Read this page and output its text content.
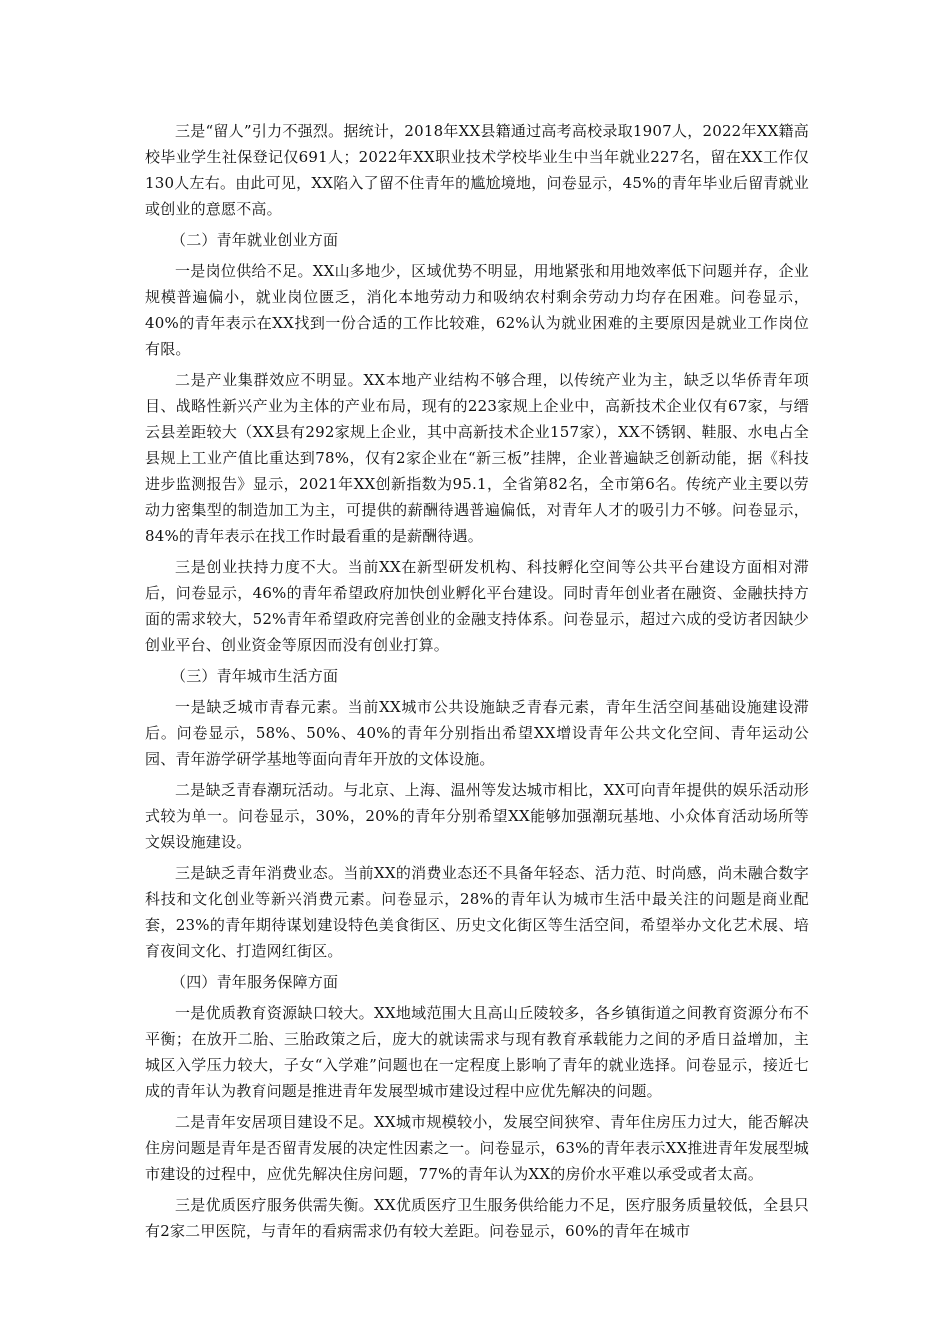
三是“留人”引力不强烈。据统计，2018年XX县籍通过高考高校录取1907人，2022年XX籍高校毕业学生社保登记仅691人；2022年XX职业技术学校毕业生中当年就业227名，留在XX工作仅130人左右。由此可见，XX陷入了留不住青年的尴尬境地，问卷显示，45%的青年毕业后留青就业或创业的意愿不高。

（二）青年就业创业方面

一是岗位供给不足。XX山多地少，区域优势不明显，用地紧张和用地效率低下问题并存，企业规模普遍偏小，就业岗位匮乏，消化本地劳动力和吸纳农村剩余劳动力均存在困难。问卷显示，40%的青年表示在XX找到一份合适的工作比较难，62%认为就业困难的主要原因是就业工作岗位有限。

二是产业集群效应不明显。XX本地产业结构不够合理，以传统产业为主，缺乏以华侨青年项目、战略性新兴产业为主体的产业布局，现有的223家规上企业中，高新技术企业仅有67家，与缙云县差距较大（XX县有292家规上企业，其中高新技术企业157家），XX不锈钢、鞋服、水电占全县规上工业产值比重达到78%，仅有2家企业在“新三板”挂牌，企业普遍缺乏创新动能，据《科技进步监测报告》显示，2021年XX创新指数为95.1，全省第82名，全市第6名。传统产业主要以劳动力密集型的制造加工为主，可提供的薪酬待遇普遍偏低，对青年人才的吸引力不够。问卷显示，84%的青年表示在找工作时最看重的是薪酬待遇。

三是创业扶持力度不大。当前XX在新型研发机构、科技孵化空间等公共平台建设方面相对滞后，问卷显示，46%的青年希望政府加快创业孵化平台建设。同时青年创业者在融资、金融扶持方面的需求较大，52%青年希望政府完善创业的金融支持体系。问卷显示，超过六成的受访者因缺少创业平台、创业资金等原因而没有创业打算。

（三）青年城市生活方面

一是缺乏城市青春元素。当前XX城市公共设施缺乏青春元素，青年生活空间基础设施建设滞后。问卷显示，58%、50%、40%的青年分别指出希望XX增设青年公共文化空间、青年运动公园、青年游学研学基地等面向青年开放的文体设施。

二是缺乏青春潮玩活动。与北京、上海、温州等发达城市相比，XX可向青年提供的娱乐活动形式较为单一。问卷显示，30%，20%的青年分别希望XX能够加强潮玩基地、小众体育活动场所等文娱设施建设。

三是缺乏青年消费业态。当前XX的消费业态还不具备年轻态、活力范、时尚感，尚未融合数字科技和文化创业等新兴消费元素。问卷显示，28%的青年认为城市生活中最关注的问题是商业配套，23%的青年期待谋划建设特色美食街区、历史文化街区等生活空间，希望举办文化艺术展、培育夜间文化、打造网红街区。

（四）青年服务保障方面

一是优质教育资源缺口较大。XX地域范围大且高山丘陵较多，各乡镇街道之间教育资源分布不平衡；在放开二胎、三胎政策之后，庞大的就读需求与现有教育承载能力之间的矛盾日益增加，主城区入学压力较大，子女“入学难”问题也在一定程度上影响了青年的就业选择。问卷显示，接近七成的青年认为教育问题是推进青年发展型城市建设过程中应优先解决的问题。

二是青年安居项目建设不足。XX城市规模较小，发展空间狭窄、青年住房压力过大，能否解决住房问题是青年是否留青发展的决定性因素之一。问卷显示，63%的青年表示XX推进青年发展型城市建设的过程中，应优先解决住房问题，77%的青年认为XX的房价水平难以承受或者太高。

三是优质医疗服务供需失衡。XX优质医疗卫生服务供给能力不足，医疗服务质量较低，全县只有2家二甲医院，与青年的看病需求仍有较大差距。问卷显示，60%的青年在城市
